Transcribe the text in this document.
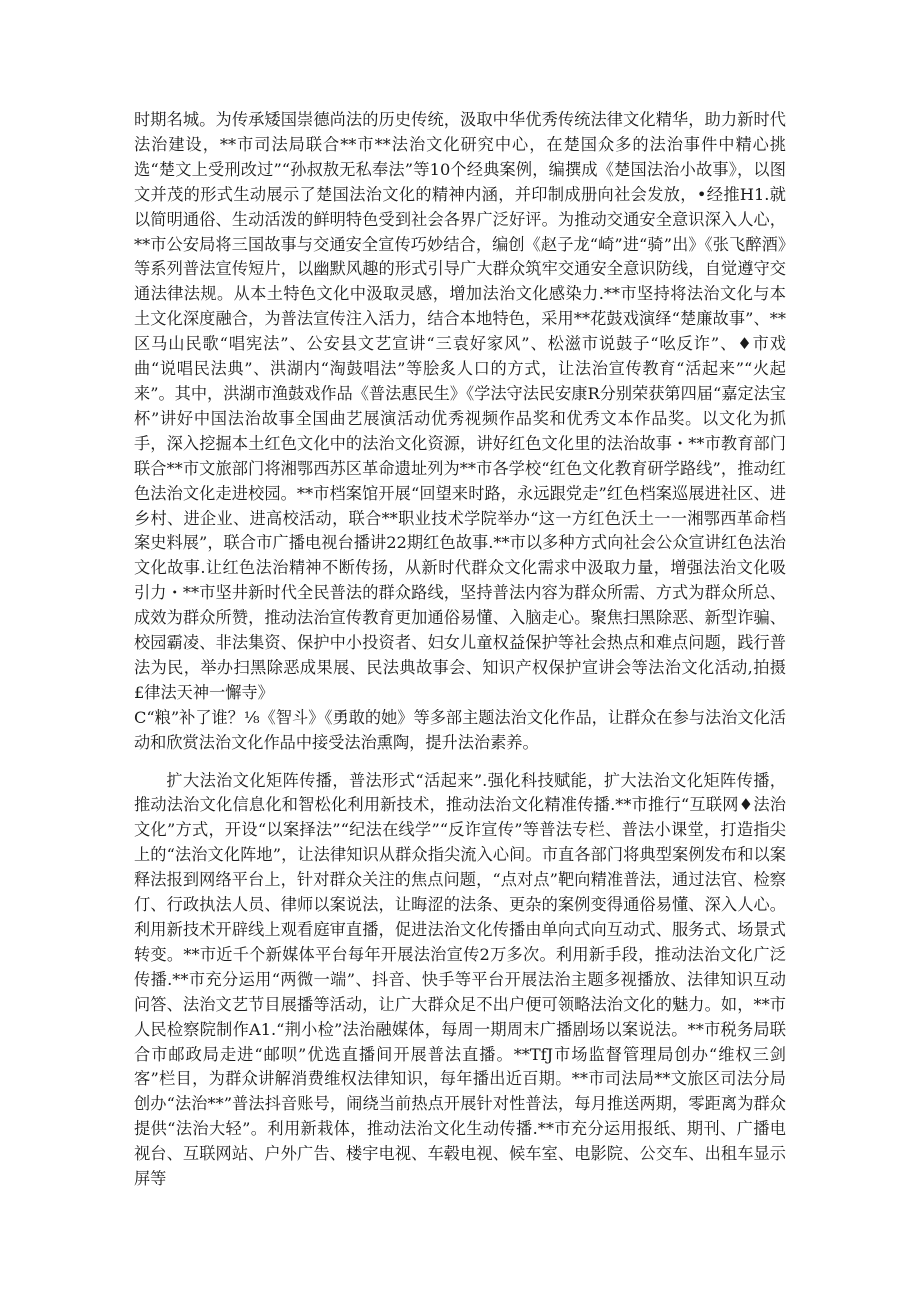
时期名城。为传承矮国崇德尚法的历史传统，汲取中华优秀传统法律文化精华，助力新时代法治建设，**市司法局联合**市**法治文化研究中心，在楚国众多的法治事件中精心挑选“楚文上受刑改过”“孙叔敖无私奉法”等10个经典案例，编撰成《楚国法治小故事》，以图文并茂的形式生动展示了楚国法治文化的精神内涵，并印制成册向社会发放，•经推H1.就以简明通俗、生动活泼的鲜明特色受到社会各界广泛好评。为推动交通安全意识深入人心，**市公安局将三国故事与交通安全宣传巧妙结合，编创《赵子龙“崎”进“骑”出》《张飞醉酒》等系列普法宣传短片，以幽默风趣的形式引导广大群众筑牢交通安全意识防线，自觉遵守交通法律法规。从本土特色文化中汲取灵感，增加法治文化感染力.**市坚持将法治文化与本土文化深度融合，为普法宣传注入活力，结合本地特色，采用**花鼓戏演绎“楚廉故事”、**区马山民歌“唱宪法”、公安县文艺宣讲“三袁好家风”、松滋市说鼓子“吆反诈”、♦市戏曲“说唱民法典”、洪湖内“淘鼓唱法”等脍炙人口的方式，让法治宣传教育“活起来”“火起来”。其中，洪湖市渔鼓戏作品《普法惠民生》《学法守法民安康R分别荣获第四届“嘉定法宝杯”讲好中国法治故事全国曲艺展演活动优秀视频作品奖和优秀文本作品奖。以文化为抓手，深入挖掘本土红色文化中的法治文化资源，讲好红色文化里的法治故事・**市教育部门联合**市文旅部门将湘鄂西苏区革命遗址列为**市各学校“红色文化教育研学路线”，推动红色法治文化走进校园。**市档案馆开展“回望来时路，永远跟党走”红色档案巡展进社区、进乡村、进企业、进高校活动，联合**职业技术学院举办“这一方红色沃土一一湘鄂西革命档案史料展”，联合市广播电视台播讲22期红色故事.**市以多种方式向社会公众宣讲红色法治文化故事.让红色法治精神不断传扬，从新时代群众文化需求中汲取力量，增强法治文化吸引力・**市坚井新时代全民普法的群众路线，坚持普法内容为群众所需、方式为群众所总、成效为群众所赞，推动法治宣传教育更加通俗易懂、入脑走心。聚焦扫黑除恶、新型诈骗、校园霸凌、非法集资、保护中小投资者、妇女儿童权益保护等社会热点和难点问题，践行普法为民，举办扫黑除恶成果展、民法典故事会、知识产权保护宣讲会等法治文化活动,拍摄£律法天神一懈寺》

C“粮”补了谁？⅛《智斗》《勇敢的她》等多部主题法治文化作品，让群众在参与法治文化活动和欣赏法治文化作品中接受法治熏陶，提升法治素养。

扩大法治文化矩阵传播，普法形式“活起来”.强化科技赋能，扩大法治文化矩阵传播，推动法治文化信息化和智松化利用新技术，推动法治文化精准传播.**市推行“互联网♦法治文化”方式，开设“以案择法”“纪法在线学”“反诈宣传”等普法专栏、普法小课堂，打造指尖上的“法治文化阵地”，让法律知识从群众指尖流入心间。市直各部门将典型案例发布和以案释法报到网络平台上，针对群众关注的焦点问题，“点对点”靶向精准普法，通过法官、检察仃、行政执法人员、律师以案说法，让晦涩的法条、更杂的案例变得通俗易懂、深入人心。利用新技术开辟线上观看庭审直播，促进法治文化传播由单向式向互动式、服务式、场景式转变。**市近千个新媒体平台每年开展法治宣传2万多次。利用新手段，推动法治文化广泛传播.**市充分运用“两微一端”、抖音、快手等平台开展法治主题多视播放、法律知识互动问答、法治文艺节目展播等活动，让广大群众足不出户便可领略法治文化的魅力。如，**市人民检察院制作A1.“荆小检”法治融媒体，每周一期周末广播剧场以案说法。**市税务局联合市邮政局走进“邮呗”优选直播间开展普法直播。**TfJ市场监督管理局创办“维权三剑客”栏目，为群众讲解消费维权法律知识，每年播出近百期。**市司法局**文旅区司法分局创办“法治**”普法抖音账号，闹绕当前热点开展针对性普法，每月推送两期，零距离为群众提供“法治大轻”。利用新栽体，推动法治文化生动传播.**市充分运用报纸、期刊、广播电视台、互联网站、户外广告、楼宇电视、车毂电视、候车室、电影院、公交车、出租车显示屏等
